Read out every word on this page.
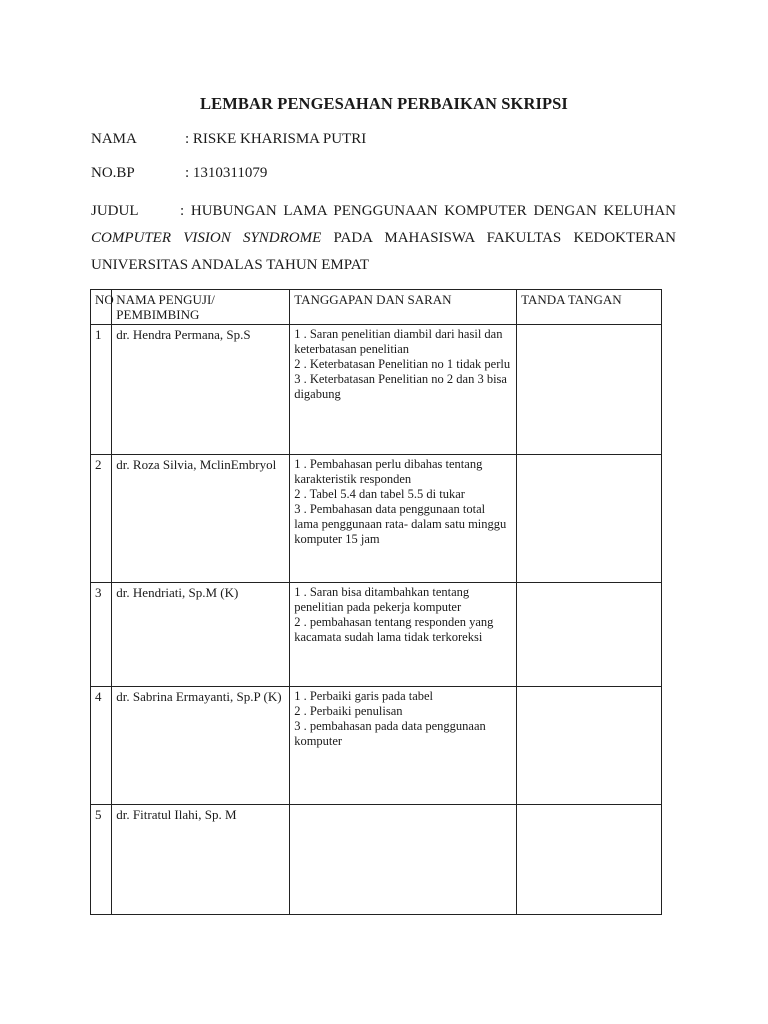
LEMBAR PENGESAHAN PERBAIKAN SKRIPSI
NAMA	: RISKE KHARISMA PUTRI
NO.BP	: 1310311079
JUDUL	: HUBUNGAN LAMA PENGGUNAAN KOMPUTER DENGAN KELUHAN COMPUTER VISION SYNDROME PADA MAHASISWA FAKULTAS KEDOKTERAN UNIVERSITAS ANDALAS TAHUN EMPAT
NO	NAMA PENGUJI/ PEMBIMBING	TANGGAPAN DAN SARAN	TANDA TANGAN
1	dr. Hendra Permana, Sp.S	1 . Saran penelitian diambil dari hasil dan keterbatasan penelitian
2 . Keterbatasan Penelitian no 1 tidak perlu
3 . Keterbatasan Penelitian no 2 dan 3 bisa digabung	

2	dr. Roza Silvia, MclinEmbryol	1 . Pembahasan perlu dibahas tentang karakteristik responden
2 . Tabel 5.4 dan tabel 5.5 di tukar
3 . Pembahasan data penggunaan total lama penggunaan rata- dalam satu minggu komputer 15 jam	

3	dr. Hendriati, Sp.M (K)	1 . Saran bisa ditambahkan tentang penelitian pada pekerja komputer
2 . pembahasan tentang responden yang kacamata sudah lama tidak terkoreksi	

4	dr. Sabrina Ermayanti, Sp.P (K)	1 . Perbaiki garis pada tabel
2 . Perbaiki penulisan
3 . pembahasan pada data penggunaan komputer	

5	dr. Fitratul Ilahi, Sp. M		
